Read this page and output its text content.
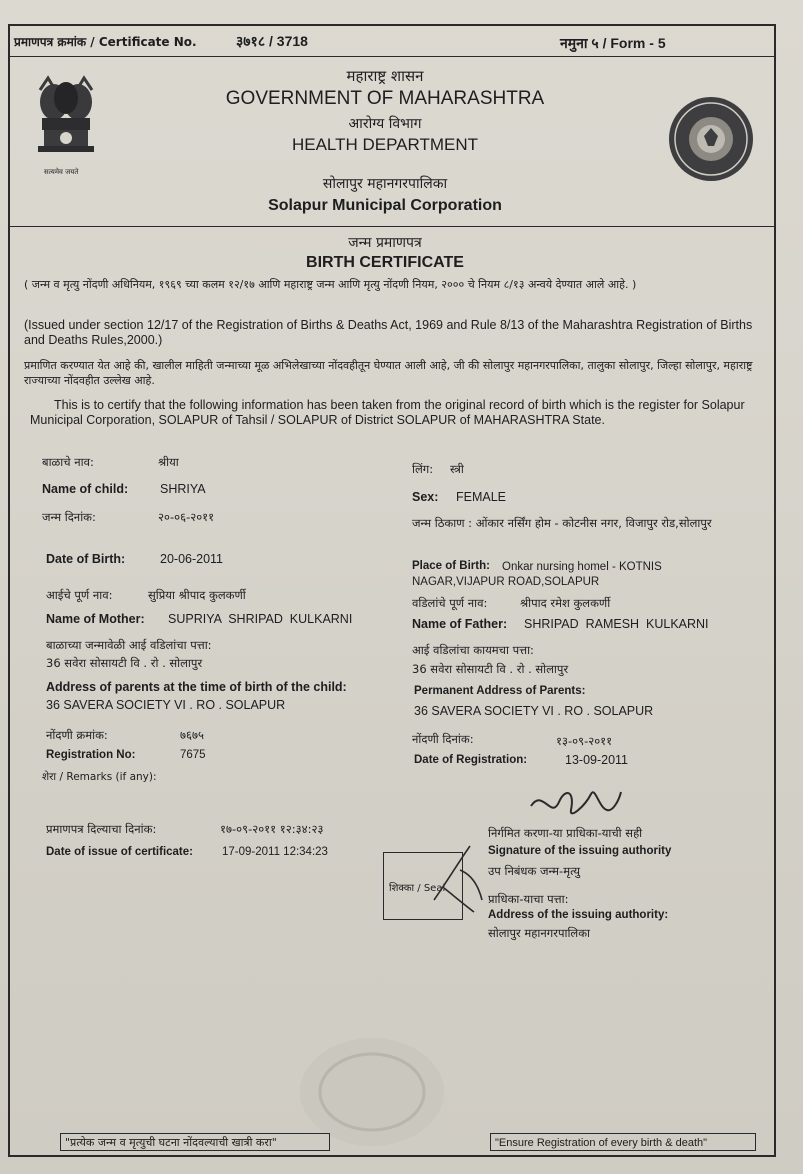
प्रमाणपत्र क्रमांक / Certificate No.	३७१८ / 3718	नमुना ५ / Form - 5
सत्यमेव जयते
महाराष्ट्र शासन
GOVERNMENT OF MAHARASHTRA
आरोग्य विभाग
HEALTH DEPARTMENT
सोलापुर महानगरपालिका
Solapur Municipal Corporation
जन्म प्रमाणपत्र
BIRTH CERTIFICATE
( जन्म व मृत्यु नोंदणी अधिनियम, १९६९ च्या कलम १२/१७ आणि महाराष्ट्र जन्म आणि मृत्यु नोंदणी नियम, २००० चे नियम ८/१३ अन्वये देण्यात आले आहे. )
(Issued under section 12/17 of the Registration of Births & Deaths Act, 1969 and Rule 8/13 of the Maharashtra Registration of Births and Deaths Rules,2000.)
प्रमाणित करण्यात येत आहे की, खालील माहिती जन्माच्या मूळ अभिलेखाच्या नोंदवहीतून घेण्यात आली आहे, जी की सोलापुर महानगरपालिका, तालुका सोलापुर, जिल्हा सोलापुर, महाराष्ट्र राज्याच्या नोंदवहीत उल्लेख आहे.
This is to certify that the following information has been taken from the original record of birth which is the register for Solapur Municipal Corporation, SOLAPUR of Tahsil / SOLAPUR of District SOLAPUR of MAHARASHTRA State.
बाळाचे नाव:	श्रीया
Name of child:	SHRIYA
जन्म दिनांक:	२०-०६-२०११
Date of Birth:	20-06-2011
आईचे पूर्ण नाव:	सुप्रिया श्रीपाद कुलकर्णी
Name of Mother: SUPRIYA  SHRIPAD  KULKARNI
बाळाच्या जन्मावेळी आई वडिलांचा पत्ता:
36 सवेरा सोसायटी वि . रो . सोलापुर
Address of parents at the time of birth of the child:
36 SAVERA SOCIETY VI . RO . SOLAPUR
नोंदणी क्रमांक:	७६७५
Registration No:	7675
शेरा / Remarks (if any):
लिंग: स्त्री
Sex: FEMALE
जन्म ठिकाण : ओंकार नर्सिंग होम - कोटनीस नगर, विजापुर रोड,सोलापुर
Place of Birth:	Onkar nursing homel - KOTNIS NAGAR,VIJAPUR ROAD,SOLAPUR
वडिलांचे पूर्ण नाव:	श्रीपाद रमेश कुलकर्णी
Name of Father: SHRIPAD  RAMESH  KULKARNI
आई वडिलांचा कायमचा पत्ता:
36 सवेरा सोसायटी वि . रो . सोलापुर
Permanent Address of Parents:
36 SAVERA SOCIETY VI . RO . SOLAPUR
नोंदणी दिनांक:	१३-०९-२०११
Date of Registration:	13-09-2011
प्रमाणपत्र दिल्याचा दिनांक:	१७-०९-२०११ १२:३४:२३
Date of issue of certificate:	17-09-2011 12:34:23
शिक्का / Seal
निर्गमित करणा-या प्राधिका-याची सही
Signature of the issuing authority
उप निबंधक जन्म-मृत्यु
प्राधिका-याचा पत्ता:
Address of the issuing authority:
सोलापुर महानगरपालिका
"प्रत्येक जन्म व मृत्युची घटना नोंदवल्याची खात्री करा"	"Ensure Registration of every birth & death"
